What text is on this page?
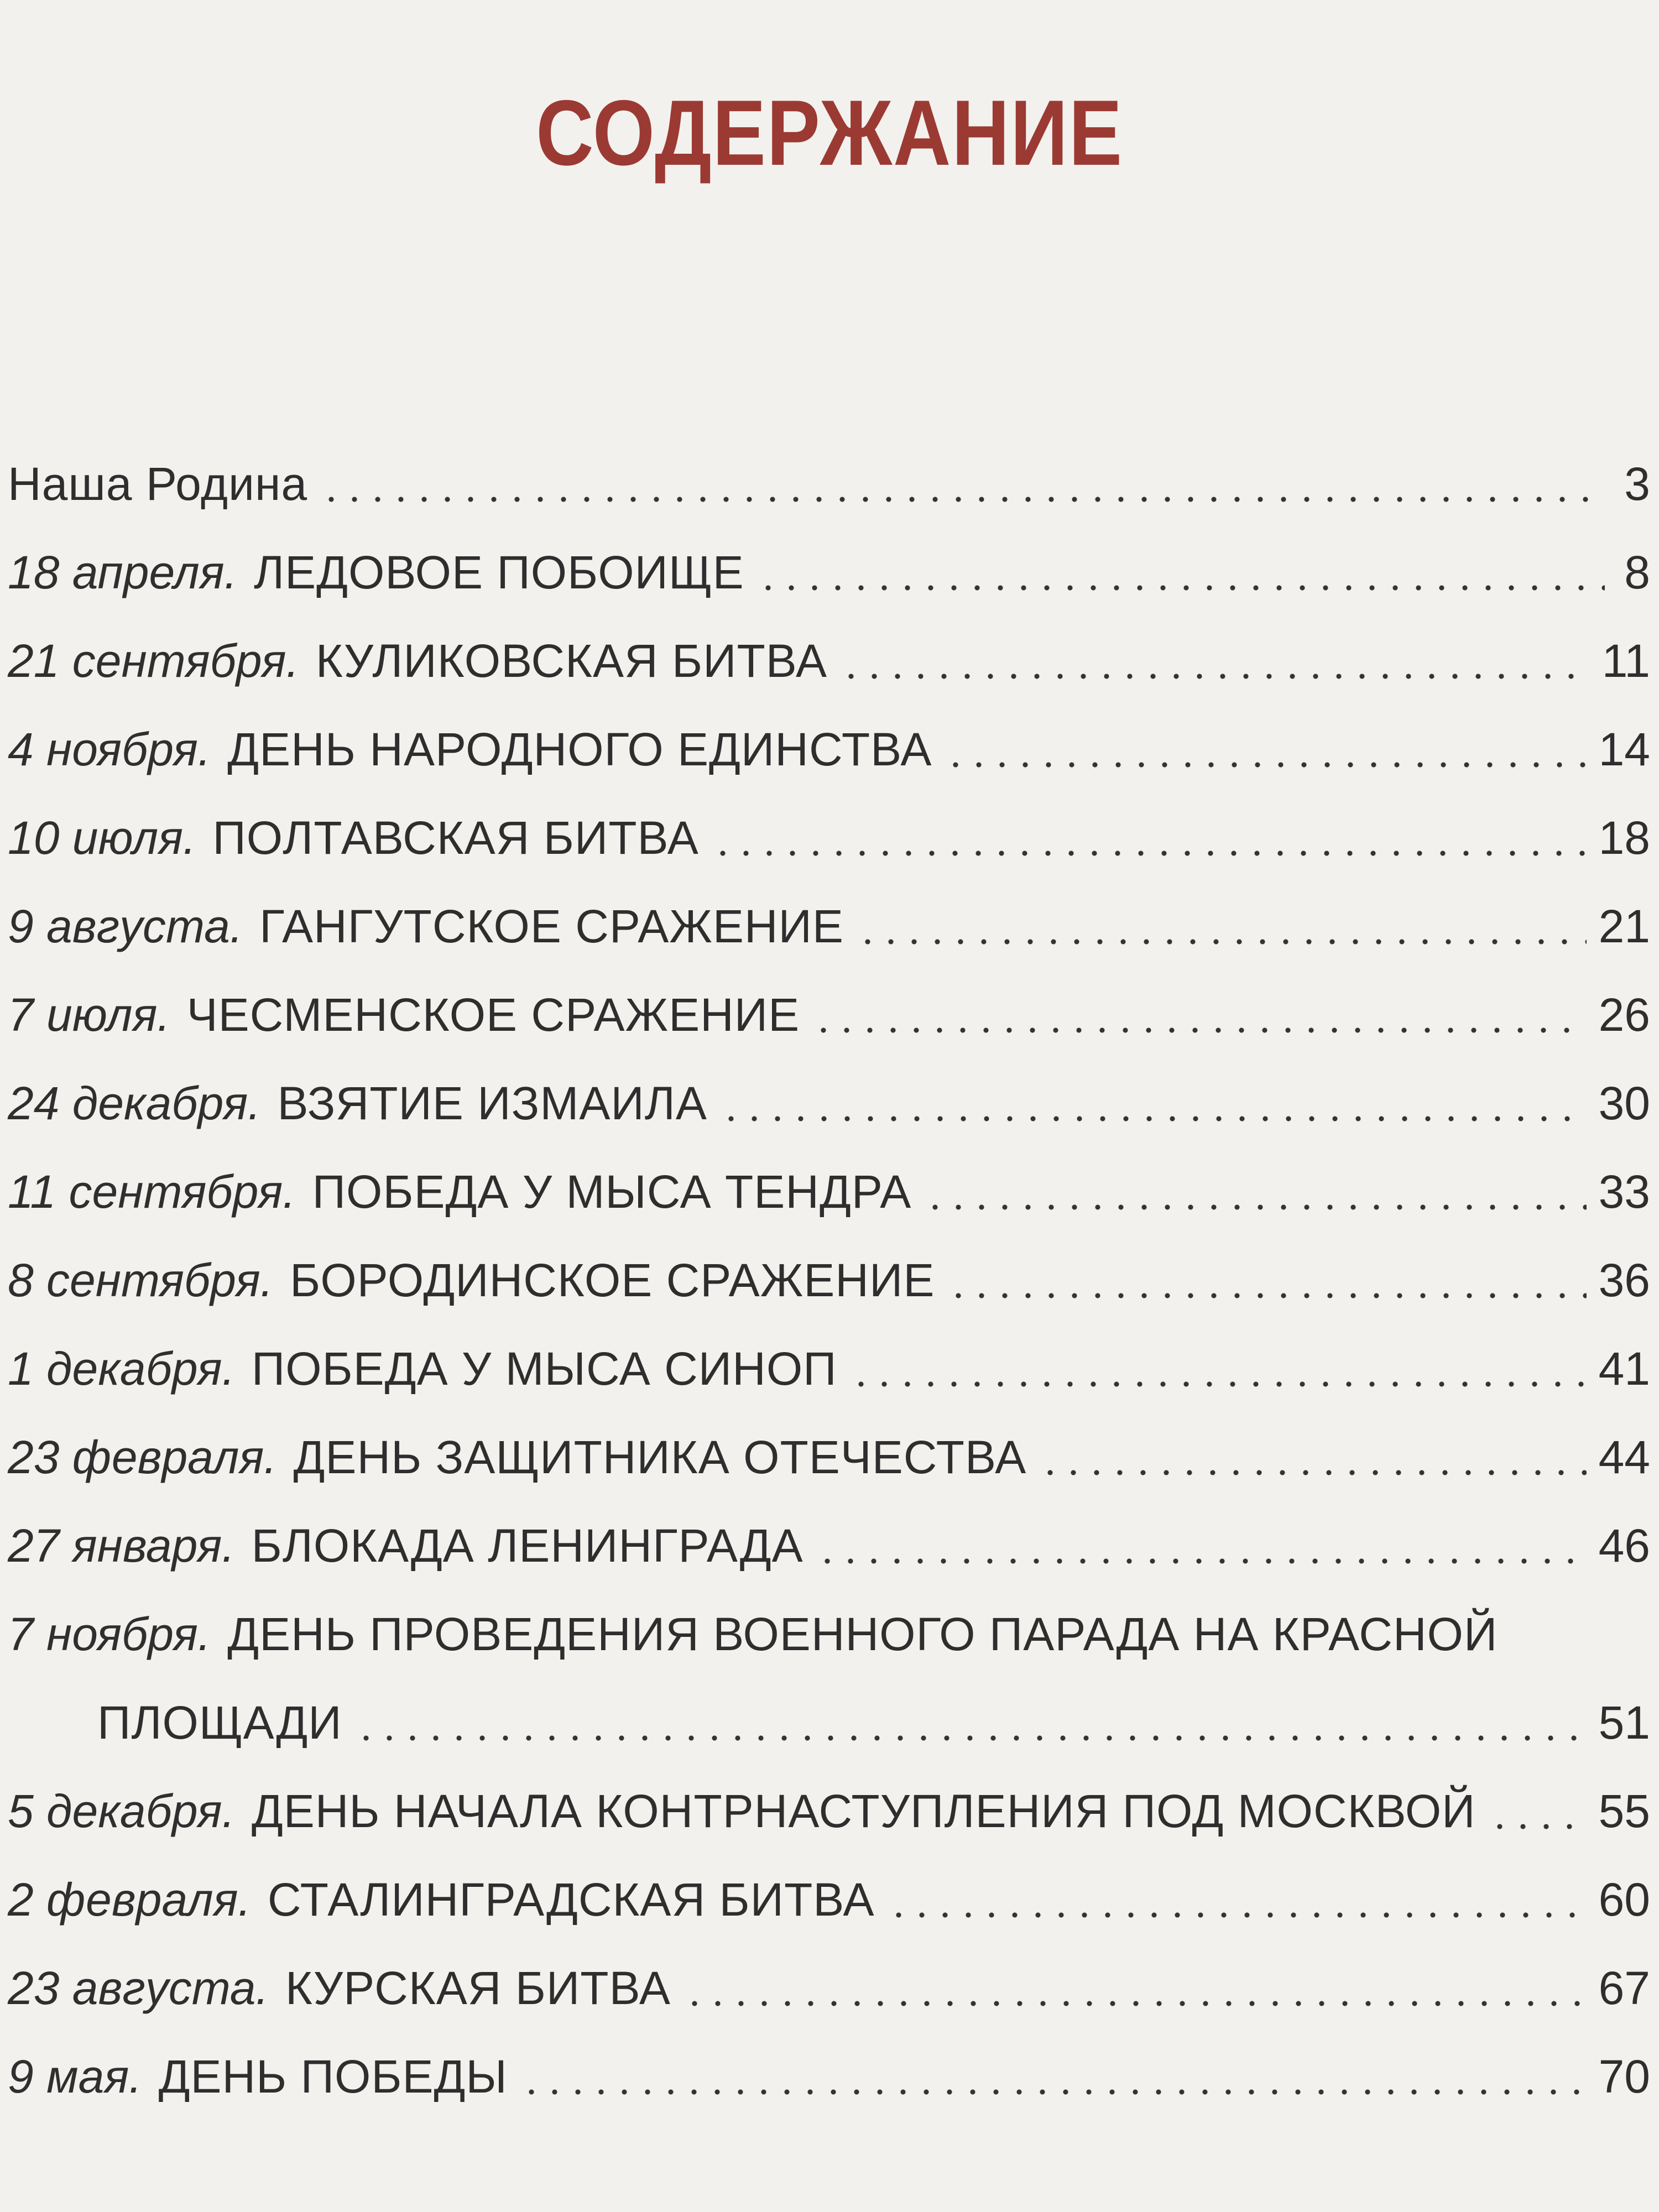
СОДЕРЖАНИЕ
Наша Родина	3
18 апреля. ЛЕДОВОЕ ПОБОИЩЕ	8
21 сентября. КУЛИКОВСКАЯ БИТВА	11
4 ноября. ДЕНЬ НАРОДНОГО ЕДИНСТВА	14
10 июля. ПОЛТАВСКАЯ БИТВА	18
9 августа. ГАНГУТСКОЕ СРАЖЕНИЕ	21
7 июля. ЧЕСМЕНСКОЕ СРАЖЕНИЕ	26
24 декабря. ВЗЯТИЕ ИЗМАИЛА	30
11 сентября. ПОБЕДА У МЫСА ТЕНДРА	33
8 сентября. БОРОДИНСКОЕ СРАЖЕНИЕ	36
1 декабря. ПОБЕДА У МЫСА СИНОП	41
23 февраля. ДЕНЬ ЗАЩИТНИКА ОТЕЧЕСТВА	44
27 января. БЛОКАДА ЛЕНИНГРАДА	46
7 ноября. ДЕНЬ ПРОВЕДЕНИЯ ВОЕННОГО ПАРАДА НА КРАСНОЙ
ПЛОЩАДИ	51
5 декабря. ДЕНЬ НАЧАЛА КОНТРНАСТУПЛЕНИЯ ПОД МОСКВОЙ	55
2 февраля. СТАЛИНГРАДСКАЯ БИТВА	60
23 августа. КУРСКАЯ БИТВА	67
9 мая. ДЕНЬ ПОБЕДЫ	70
